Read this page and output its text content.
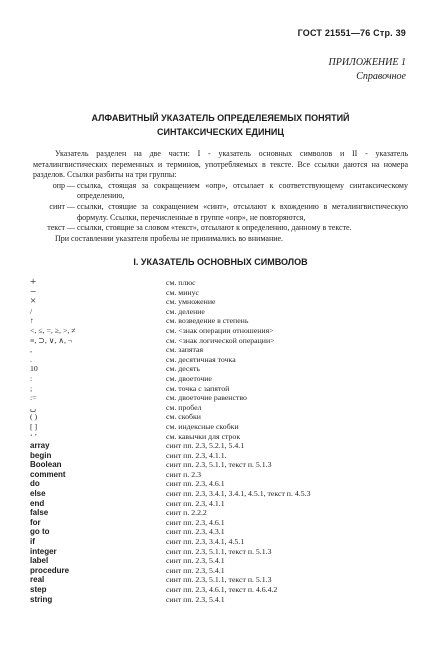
ГОСТ 21551—76 Стр. 39
ПРИЛОЖЕНИЕ 1
Справочное
АЛФАВИТНЫЙ УКАЗАТЕЛЬ ОПРЕДЕЛЕЯЕМЫХ ПОНЯТИЙ
СИНТАКСИЧЕСКИХ ЕДИНИЦ

Указатель разделен на две части: I - указатель основных символов и II - указатель металингвистических переменных и терминов, употребляемых в тексте. Все ссылки даются на номера разделов. Ссылки разбиты на три группы:

опр — ссылка, стоящая за сокращением «опр», отсылает к соответствующему синтаксическому определению,
синт — ссылки, стоящие за сокращением «синт», отсылают к вхождению в металингвистическую формулу. Ссылки, перечисленные в группе «опр», не повторяются,
текст — ссылки, стоящие за словом «текст», отсылают к определению, данному в тексте.

При составлении указателя пробелы не принимались во внимание.

I. УКАЗАТЕЛЬ ОСНОВНЫХ СИМВОЛОВ
+	см. плюс
−	см. минус
×	см. умножение
/	см. деление
↑	см. возведение в степень
<, ≤, =, ≥, >, ≠	см. <знак операции отношения>
≡, ⊃, ∨, ∧, ¬	см. <знак логической операции>
,	см. запятая
.	см. десятичная точка
10	см. десять
:	см. двоеточие
;	см. точка с запятой
:=	см. двоеточие равенство
␣	см. пробел
( )	см. скобки
[ ]	см. индексные скобки
‘ ’	см. кавычки для строк
array	синт пп. 2.3, 5.2.1, 5.4.1
begin	синт пп. 2.3, 4.1.1.
Boolean	синт пп. 2.3, 5.1.1, текст п. 5.1.3
comment	синт п. 2.3
do	синт пп. 2.3, 4.6.1
else	синт пп. 2.3, 3.4.1, 3.4.1, 4.5.1, текст п. 4.5.3
end	синт пп. 2.3, 4.1.1
false	синт п. 2.2.2
for	синт пп. 2.3, 4.6.1
go to	синт пп. 2.3, 4.3.1
if	синт пп. 2.3, 3.4.1, 4.5.1
integer	синт пп. 2.3, 5.1.1, текст п. 5.1.3
label	синт пп. 2.3, 5.4.1
procedure	синт пп. 2.3, 5.4.1
real	синт пп. 2.3, 5.1.1, текст п. 5.1.3
step	синт пп. 2.3, 4.6.1, текст п. 4.6.4.2
string	синт пп. 2.3, 5.4.1
